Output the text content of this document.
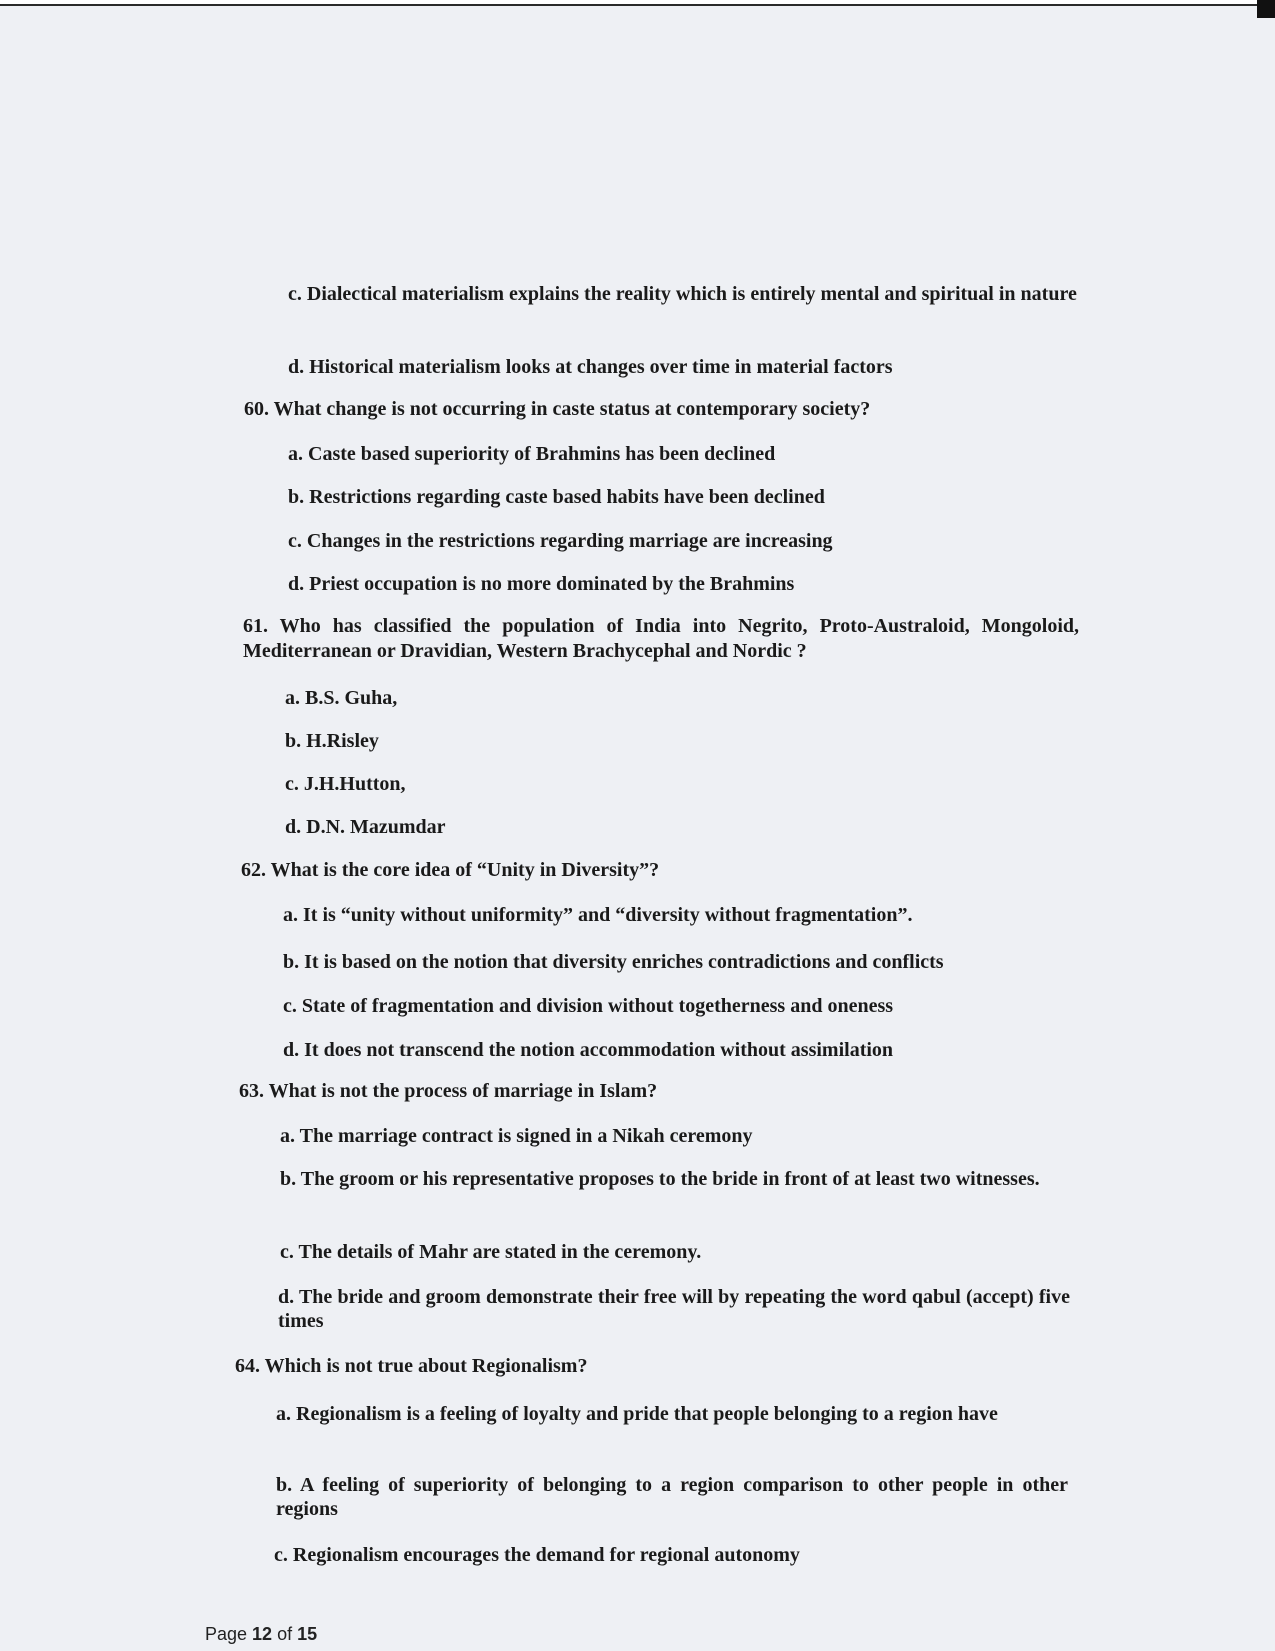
c. Dialectical materialism explains the reality which is entirely mental and spiritual in nature
d. Historical materialism looks at changes over time in material factors
60. What change is not occurring in caste status at contemporary society?
a. Caste based superiority of Brahmins has been declined
b. Restrictions regarding caste based habits have been declined
c. Changes in the restrictions regarding marriage are increasing
d. Priest occupation is no more dominated by the Brahmins
61. Who has classified the population of India into Negrito, Proto-Australoid, Mongoloid, Mediterranean or Dravidian, Western Brachycephal and Nordic ?
a. B.S. Guha,
b. H.Risley
c. J.H.Hutton,
d. D.N. Mazumdar
62. What is the core idea of “Unity in Diversity”?
a. It is “unity without uniformity” and “diversity without fragmentation”.
b. It is based on the notion that diversity enriches contradictions and conflicts
c. State of fragmentation and division without togetherness and oneness
d. It does not transcend the notion accommodation without assimilation
63. What is not the process of marriage in Islam?
a. The marriage contract is signed in a Nikah ceremony
b. The groom or his representative proposes to the bride in front of at least two witnesses.
c. The details of Mahr are stated in the ceremony.
d. The bride and groom demonstrate their free will by repeating the word qabul (accept) five times
64. Which is not true about Regionalism?
a. Regionalism is a feeling of loyalty and pride that people belonging to a region have
b. A feeling of superiority of belonging to a region comparison to other people in other regions
c. Regionalism encourages the demand for regional autonomy
Page 12 of 15
